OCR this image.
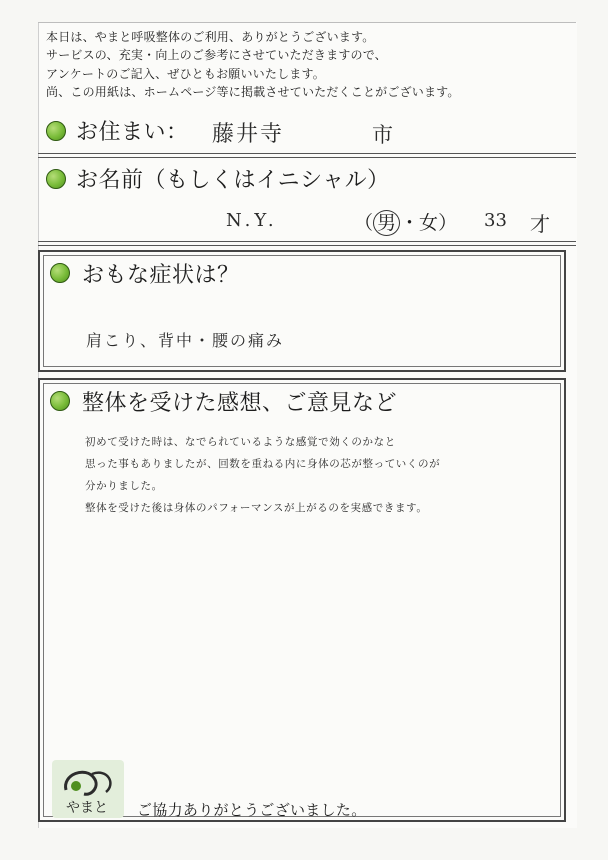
本日は、やまと呼吸整体のご利用、ありがとうございます。
サービスの、充実・向上のご参考にさせていただきますので、
アンケートのご記入、ぜひともお願いいたします。
尚、この用紙は、ホームページ等に掲載させていただくことがございます。
お住まい： 藤井寺	市
お名前（もしくはイニシャル）
N.Y.	（ 男 ・女） 33 才
おもな症状は？
肩こり、背中・腰の痛み
整体を受けた感想、ご意見など
初めて受けた時は、なでられているような感覚で効くのかなと
思った事もありましたが、回数を重ねる内に身体の芯が整っていくのが
分かりました。
整体を受けた後は身体のパフォーマンスが上がるのを実感できます。
やまと ご協力ありがとうございました。
